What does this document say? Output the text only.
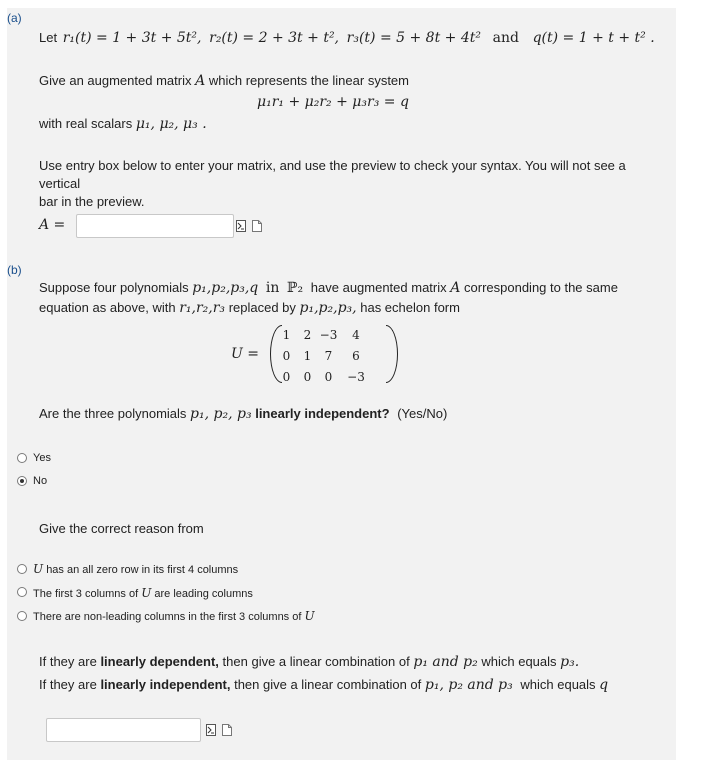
(a)
Let r₁(t) = 1 + 3t + 5t², r₂(t) = 2 + 3t + t², r₃(t) = 5 + 8t + 4t² and q(t) = 1 + t + t² .
Give an augmented matrix A which represents the linear system
μ₁r₁ + μ₂r₂ + μ₃r₃ = q
with real scalars μ₁, μ₂, μ₃ .
Use entry box below to enter your matrix, and use the preview to check your syntax. You will not see a vertical
bar in the preview.
A =
(b)
Suppose four polynomials p₁,p₂,p₃,q in ℙ₂ have augmented matrix A corresponding to the same
equation as above, with r₁,r₂,r₃ replaced by p₁,p₂,p₃, has echelon form
U =
1	2	−3	4
0	1	7	6
0	0	0	−3
Are the three polynomials p₁, p₂, p₃ linearly independent? (Yes/No)
Yes
No
Give the correct reason from
U has an all zero row in its first 4 columns
The first 3 columns of U are leading columns
There are non-leading columns in the first 3 columns of U
If they are linearly dependent, then give a linear combination of p₁ and p₂ which equals p₃.
If they are linearly independent, then give a linear combination of p₁, p₂ and p₃ which equals q
